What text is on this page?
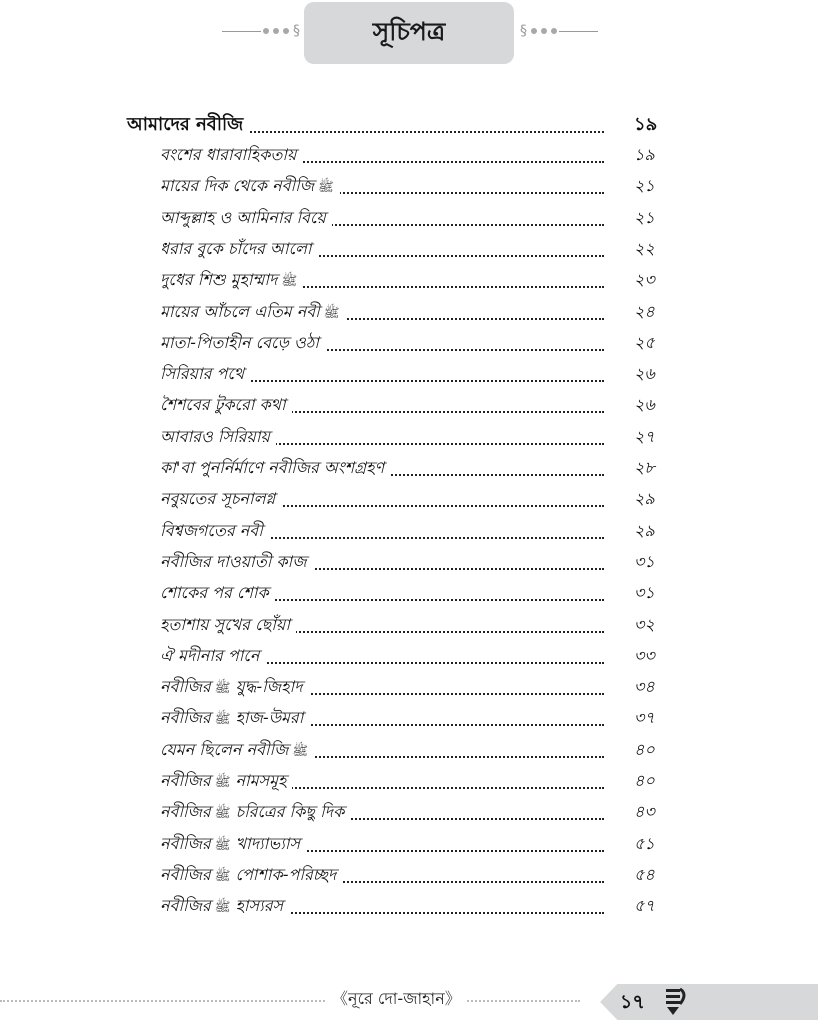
§	সূচিপত্র	§
আমাদের নবীজি	১৯
বংশের ধারাবাহিকতায়	১৯
মায়ের দিক থেকে নবীজি ﷺ	২১
আব্দুল্লাহ ও আমিনার বিয়ে	২১
ধরার বুকে চাঁদের আলো	২২
দুধের শিশু মুহাম্মাদ ﷺ	২৩
মায়ের আঁচলে এতিম নবী ﷺ	২৪
মাতা-পিতাহীন বেড়ে ওঠা	২৫
সিরিয়ার পথে	২৬
শৈশবের টুকরো কথা	২৬
আবারও সিরিয়ায়	২৭
কা'বা পুনর্নির্মাণে নবীজির অংশগ্রহণ	২৮
নবুয়তের সূচনালগ্ন	২৯
বিশ্বজগতের নবী	২৯
নবীজির দাওয়াতী কাজ	৩১
শোকের পর শোক	৩১
হতাশায় সুখের ছোঁয়া	৩২
ঐ মদীনার পানে	৩৩
নবীজির ﷺ যুদ্ধ-জিহাদ	৩৪
নবীজির ﷺ হাজ-উমরা	৩৭
যেমন ছিলেন নবীজি ﷺ	৪০
নবীজির ﷺ নামসমূহ	৪০
নবীজির ﷺ চরিত্রের কিছু দিক	৪৩
নবীজির ﷺ খাদ্যাভ্যাস	৫১
নবীজির ﷺ পোশাক-পরিচ্ছদ	৫৪
নবীজির ﷺ হাস্যরস	৫৭
《নূরে দো-জাহান》	১৭
